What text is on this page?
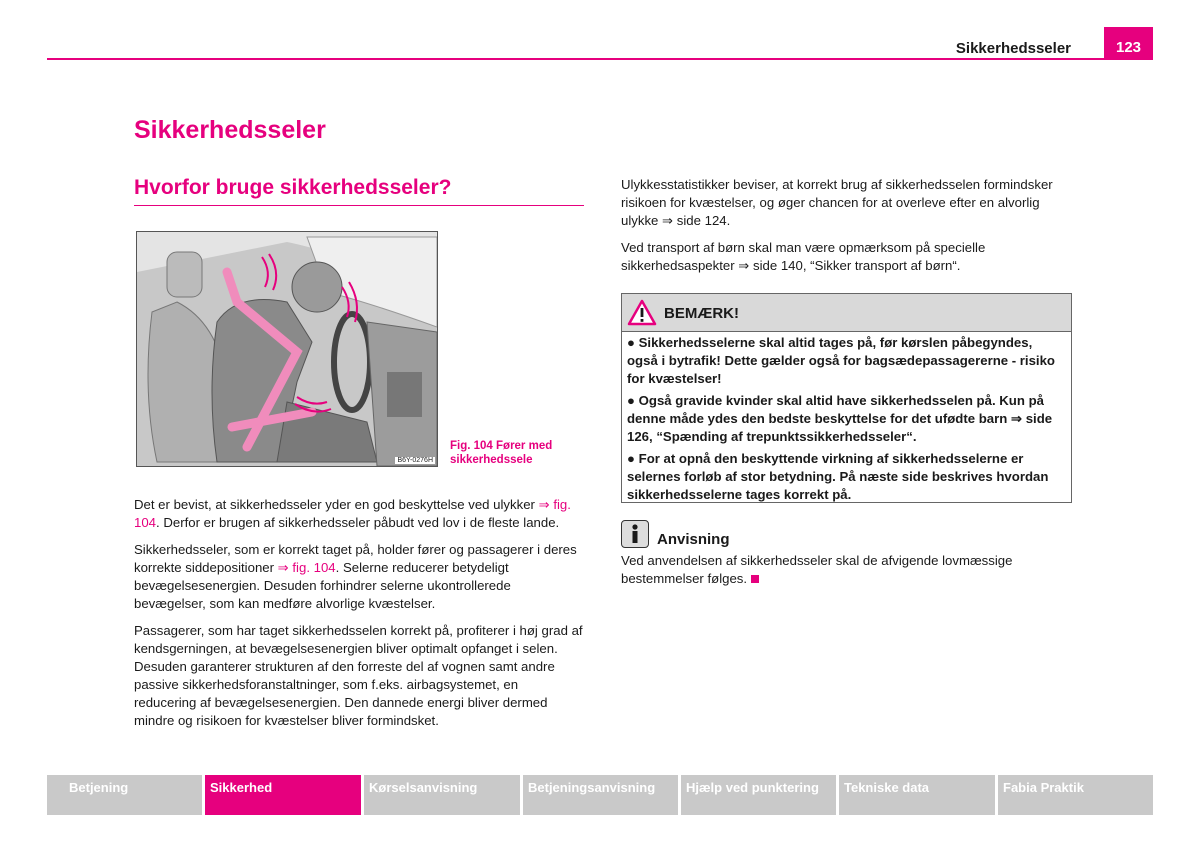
Sikkerhedsseler	123
Sikkerhedsseler
Hvorfor bruge sikkerhedsseler?
B6Y-0276H
Fig. 104 Fører med sikkerhedssele

Det er bevist, at sikkerhedsseler yder en god beskyttelse ved ulykker ⇒ fig. 104. Derfor er brugen af sikkerhedsseler påbudt ved lov i de fleste lande.

Sikkerhedsseler, som er korrekt taget på, holder fører og passagerer i deres korrekte siddepositioner ⇒ fig. 104. Selerne reducerer betydeligt bevægelsesenergien. Desuden forhindrer selerne ukontrollerede bevægelser, som kan medføre alvorlige kvæstelser.

Passagerer, som har taget sikkerhedsselen korrekt på, profiterer i høj grad af kendsgerningen, at bevægelsesenergien bliver optimalt opfanget i selen. Desuden garanterer strukturen af den forreste del af vognen samt andre passive sikkerhedsforanstaltninger, som f.eks. airbagsystemet, en reducering af bevægelsesenergien. Den dannede energi bliver dermed mindre og risikoen for kvæstelser bliver formindsket.

Ulykkesstatistikker beviser, at korrekt brug af sikkerhedsselen formindsker risikoen for kvæstelser, og øger chancen for at overleve efter en alvorlig ulykke ⇒ side 124.

Ved transport af børn skal man være opmærksom på specielle sikkerhedsaspekter ⇒ side 140, “Sikker transport af børn“.

BEMÆRK!

● Sikkerhedsselerne skal altid tages på, før kørslen påbegyndes, også i bytrafik! Dette gælder også for bagsædepassagererne - risiko for kvæstelser!

● Også gravide kvinder skal altid have sikkerhedsselen på. Kun på denne måde ydes den bedste beskyttelse for det ufødte barn ⇒ side 126, “Spænding af trepunktssikkerhedsseler“.

● For at opnå den beskyttende virkning af sikkerhedsselerne er selernes forløb af stor betydning. På næste side beskrives hvordan sikkerhedsselerne tages korrekt på.

Anvisning
Ved anvendelsen af sikkerhedsseler skal de afvigende lovmæssige bestemmelser følges.
Betjening	Sikkerhed	Kørselsanvisning	Betjeningsanvisning	Hjælp ved punktering	Tekniske data	Fabia Praktik
